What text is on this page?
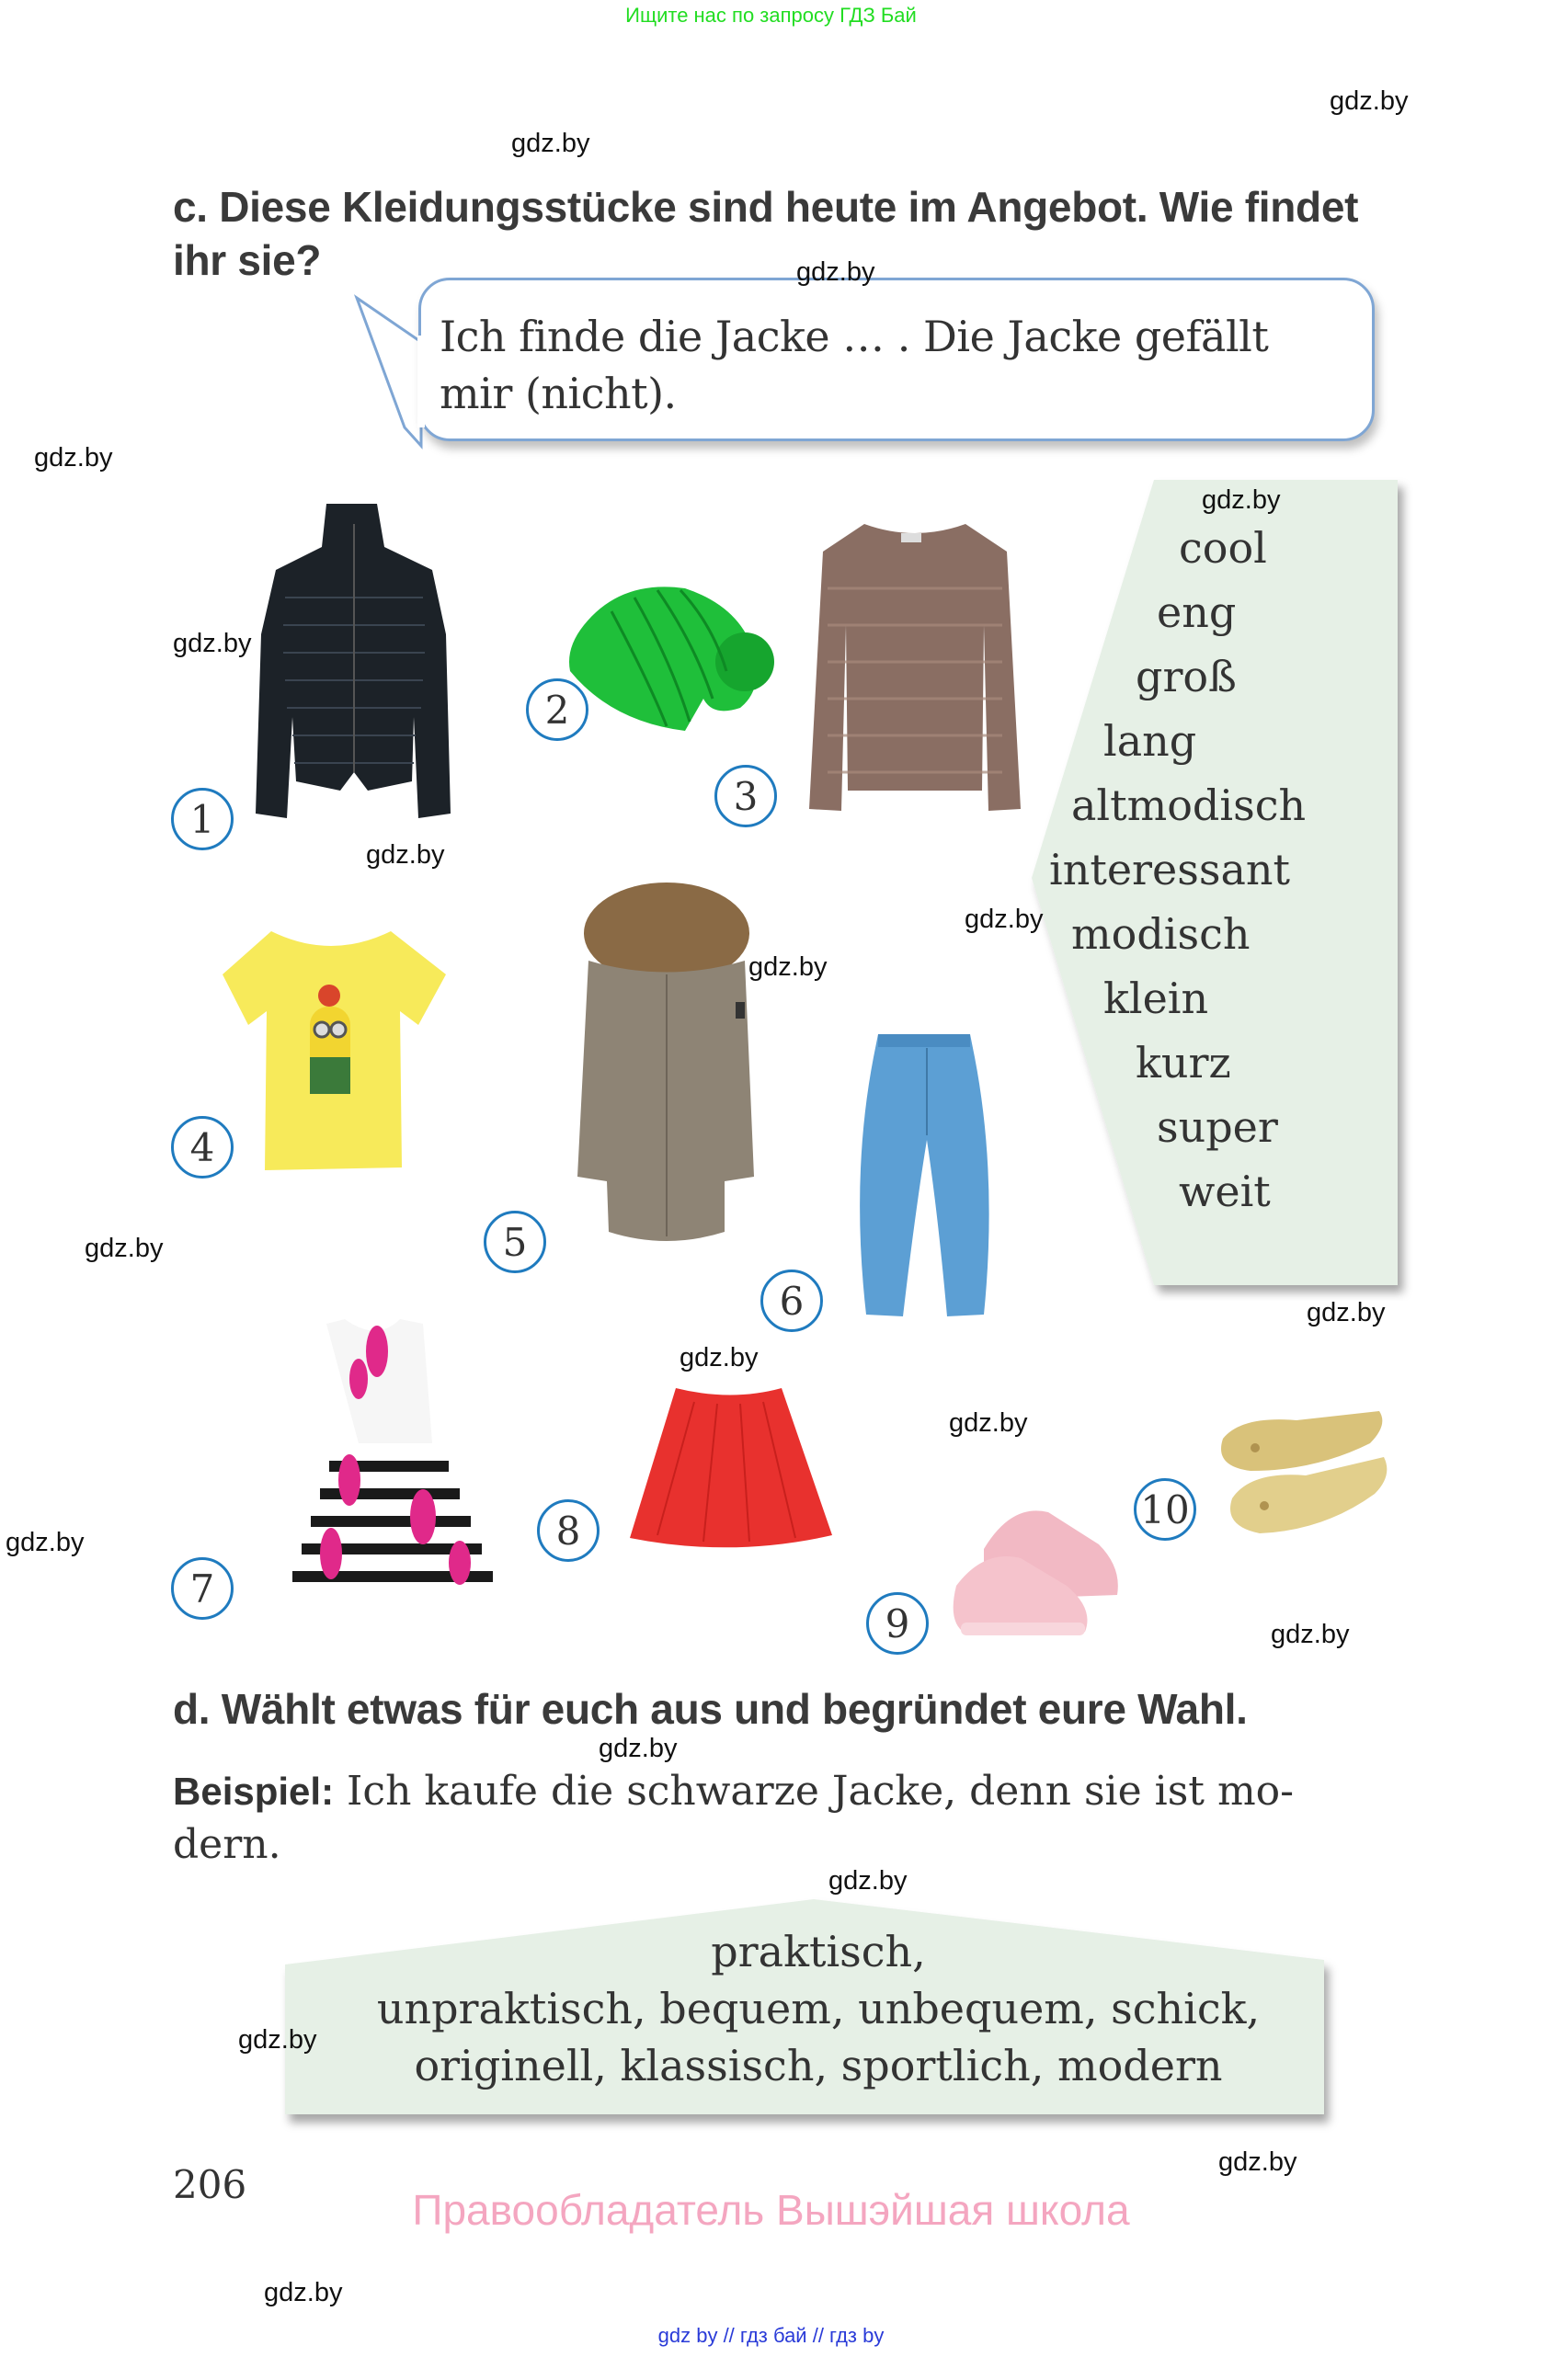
Ищите нас по запросу ГДЗ Бай
c. Diese Kleidungsstücke sind heute im Angebot. Wie findet
ihr sie?
Ich finde die Jacke … . Die Jacke gefällt
mir (nicht).
cool
eng
groß
lang
altmodisch
interessant
modisch
klein
kurz
super
weit
1
2
3
4
5
6
7
8
9
10
d. Wählt etwas für euch aus und begründet eure Wahl.
Beispiel: Ich kaufe die schwarze Jacke, denn sie ist mo-
dern.
praktisch,
unpraktisch, bequem, unbequem, schick,
originell, klassisch, sportlich, modern
206
Правообладатель Вышэйшая школа
gdz by // гдз бай // гдз by
gdz.by
gdz.by
gdz.by
gdz.by
gdz.by
gdz.by
gdz.by
gdz.by
gdz.by
gdz.by
gdz.by
gdz.by
gdz.by
gdz.by
gdz.by
gdz.by
gdz.by
gdz.by
gdz.by
gdz.by
